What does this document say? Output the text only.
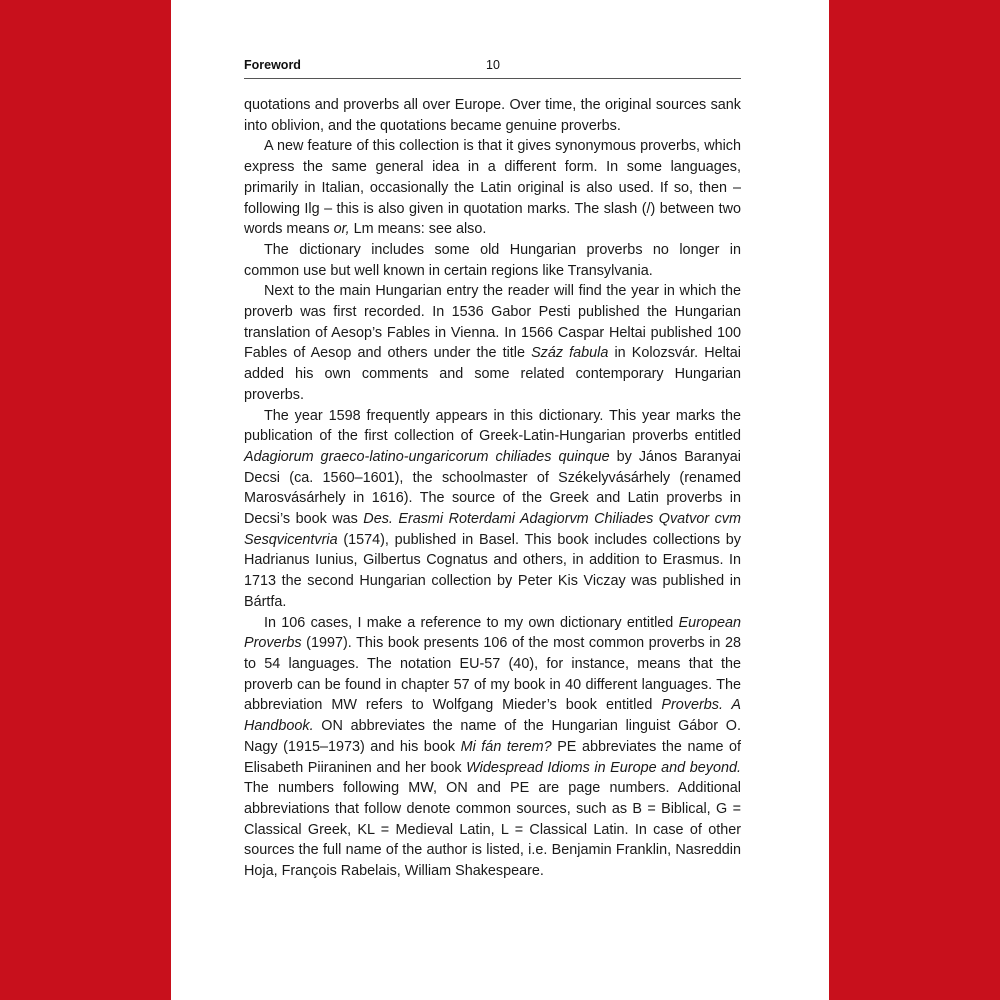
Foreword	10

quotations and proverbs all over Europe. Over time, the original sources sank into oblivion, and the quotations became genuine proverbs.

A new feature of this collection is that it gives synonymous proverbs, which express the same general idea in a different form. In some languages, primarily in Italian, occasionally the Latin original is also used. If so, then – following Ilg – this is also given in quotation marks. The slash (/) between two words means or, Lm means: see also.

The dictionary includes some old Hungarian proverbs no longer in common use but well known in certain regions like Transylvania.

Next to the main Hungarian entry the reader will find the year in which the proverb was first recorded. In 1536 Gabor Pesti published the Hungarian translation of Aesop’s Fables in Vienna. In 1566 Caspar Heltai published 100 Fables of Aesop and others under the title Száz fabula in Kolozsvár. Heltai added his own comments and some related contemporary Hungarian proverbs.

The year 1598 frequently appears in this dictionary. This year marks the publication of the first collection of Greek-Latin-Hungarian proverbs entitled Adagiorum graeco-latino-ungaricorum chiliades quinque by János Baranyai Decsi (ca. 1560–1601), the schoolmaster of Székelyvásárhely (renamed Marosvásárhely in 1616). The source of the Greek and Latin proverbs in Decsi’s book was Des. Erasmi Roterdami Adagiorvm Chiliades Qvatvor cvm Sesqvicentvria (1574), published in Basel. This book includes collections by Hadrianus Iunius, Gilbertus Cognatus and others, in addition to Erasmus. In 1713 the second Hungarian collection by Peter Kis Viczay was published in Bártfa.

In 106 cases, I make a reference to my own dictionary entitled European Proverbs (1997). This book presents 106 of the most common proverbs in 28 to 54 languages. The notation EU-57 (40), for instance, means that the proverb can be found in chapter 57 of my book in 40 different languages. The abbreviation MW refers to Wolfgang Mieder’s book entitled Proverbs. A Handbook. ON abbreviates the name of the Hungarian linguist Gábor O. Nagy (1915–1973) and his book Mi fán terem? PE abbreviates the name of Elisabeth Piiraninen and her book Widespread Idioms in Europe and beyond. The numbers following MW, ON and PE are page numbers. Additional abbreviations that follow denote common sources, such as B = Biblical, G = Classical Greek, KL = Medieval Latin, L = Classical Latin. In case of other sources the full name of the author is listed, i.e. Benjamin Franklin, Nasreddin Hoja, François Rabelais, William Shakespeare.
